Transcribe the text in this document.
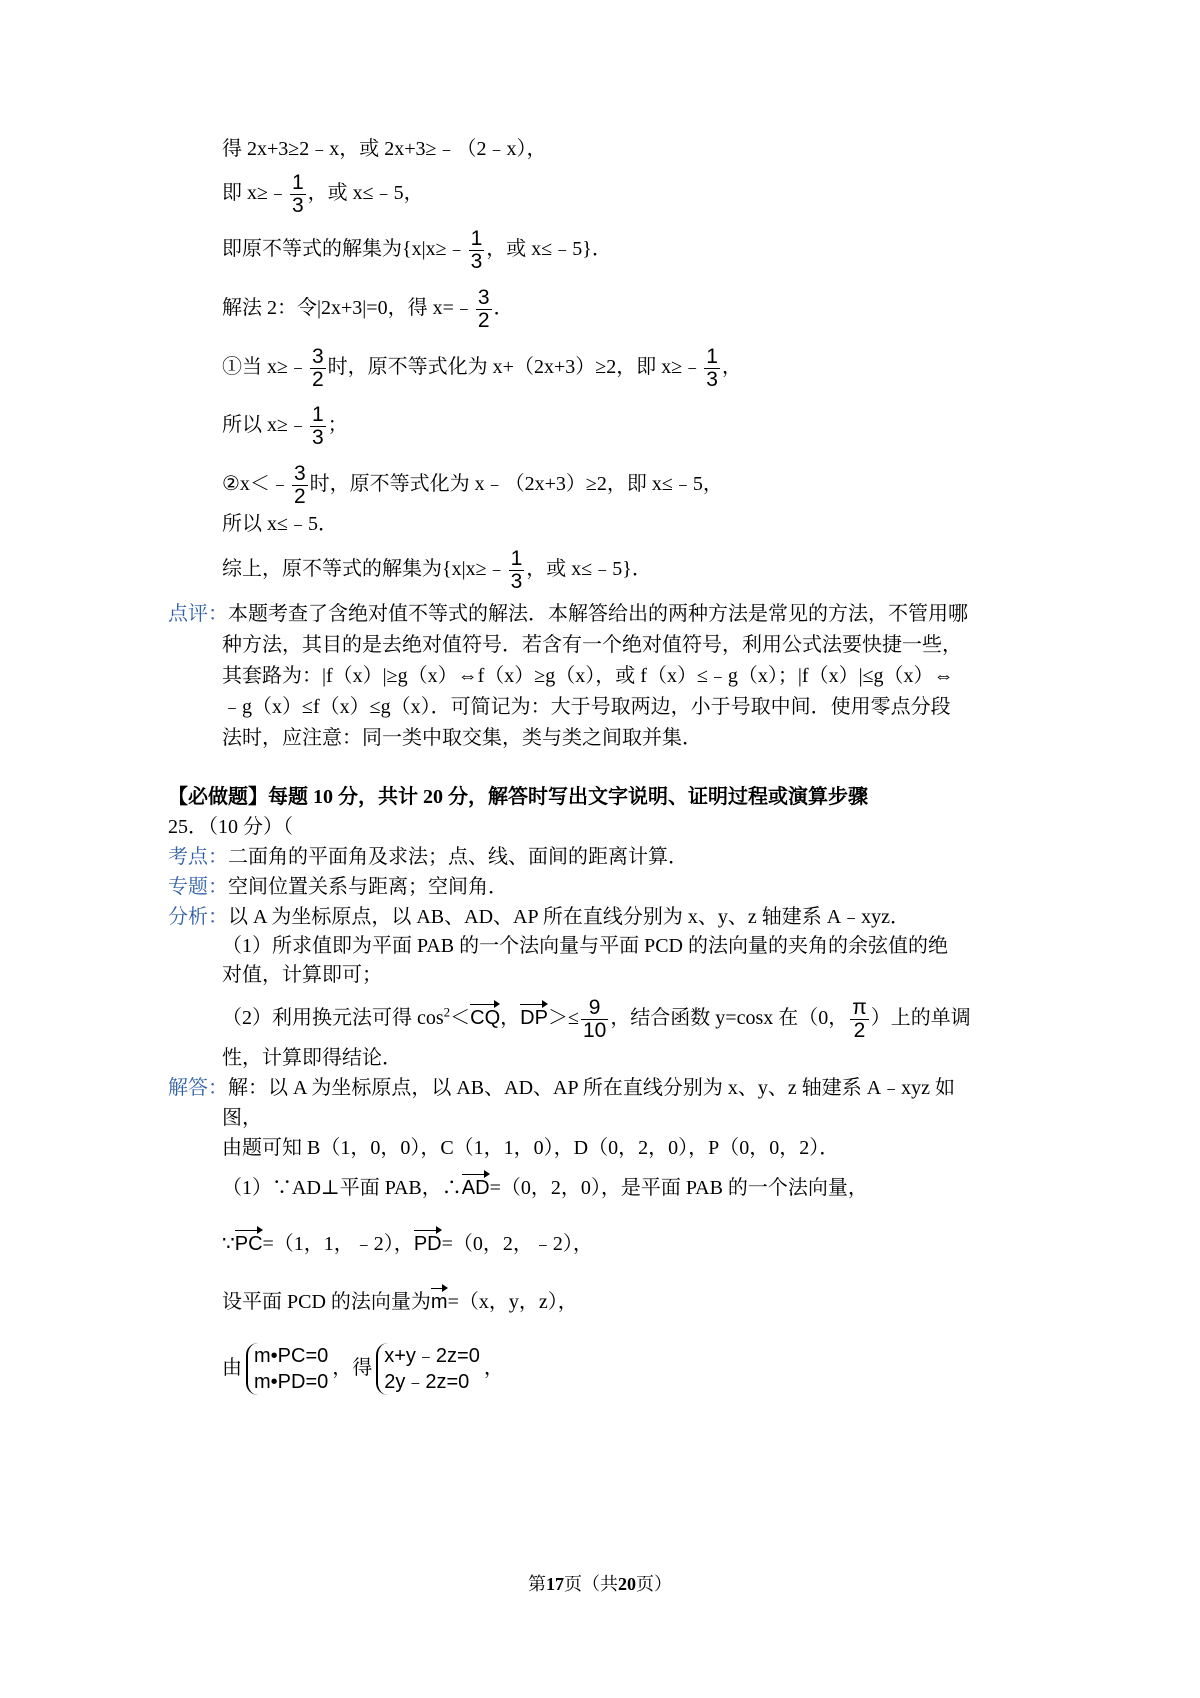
得 2x+3≥2﹣x，或 2x+3≥﹣（2﹣x），
即 x≥﹣ $\frac{1}{3}$ ，或 x≤﹣5，
即原不等式的解集为{x|x≥﹣ $\frac{1}{3}$ ，或 x≤﹣5}．
解法 2：令|2x+3|=0，得 x=﹣ $\frac{3}{2}$ ．
①当 x≥﹣ $\frac{3}{2}$ 时，原不等式化为 x+（2x+3）≥2，即 x≥﹣ $\frac{1}{3}$ ，
所以 x≥﹣ $\frac{1}{3}$ ；
②x＜﹣ $\frac{3}{2}$ 时，原不等式化为 x﹣（2x+3）≥2，即 x≤﹣5，
所以 x≤﹣5．
综上，原不等式的解集为{x|x≥﹣ $\frac{1}{3}$ ，或 x≤﹣5}．
点评：本题考查了含绝对值不等式的解法．本解答给出的两种方法是常见的方法，不管用哪
种方法，其目的是去绝对值符号．若含有一个绝对值符号，利用公式法要快捷一些，
其套路为：|f（x）|≥g（x）⇔f（x）≥g（x），或 f（x）≤﹣g（x）；|f（x）|≤g（x）⇔
﹣g（x）≤f（x）≤g（x）．可简记为：大于号取两边，小于号取中间．使用零点分段
法时，应注意：同一类中取交集，类与类之间取并集．
【必做题】每题 10 分，共计 20 分，解答时写出文字说明、证明过程或演算步骤
25．（10 分）（
考点：二面角的平面角及求法；点、线、面间的距离计算．
专题：空间位置关系与距离；空间角．
分析：以 A 为坐标原点，以 AB、AD、AP 所在直线分别为 x、y、z 轴建系 A﹣xyz．
（1）所求值即为平面 PAB 的一个法向量与平面 PCD 的法向量的夹角的余弦值的绝
对值，计算即可；
（2）利用换元法可得 $\cos^2<CQ$，$DP>\le \frac{9}{10}$ ，结合函数 y=cosx 在（0， $\frac{\pi}{2}$ ）上的单调
性，计算即得结论．
解答：解：以 A 为坐标原点，以 AB、AD、AP 所在直线分别为 x、y、z 轴建系 A﹣xyz 如
图，
由题可知 B（1，0，0），C（1，1，0），D（0，2，0），P（0，0，2）．
（1）∵AD⊥平面 PAB，∴AD=（0，2，0），是平面 PAB 的一个法向量，
∵PC=（1，1，﹣2），PD=（0，2，﹣2），
设平面 PCD 的法向量为m=（x，y，z），
由
m•PC=0
m•PD=0
，得
x+y﹣2z=0
2y﹣2z=0
，
第17页（共20页）
